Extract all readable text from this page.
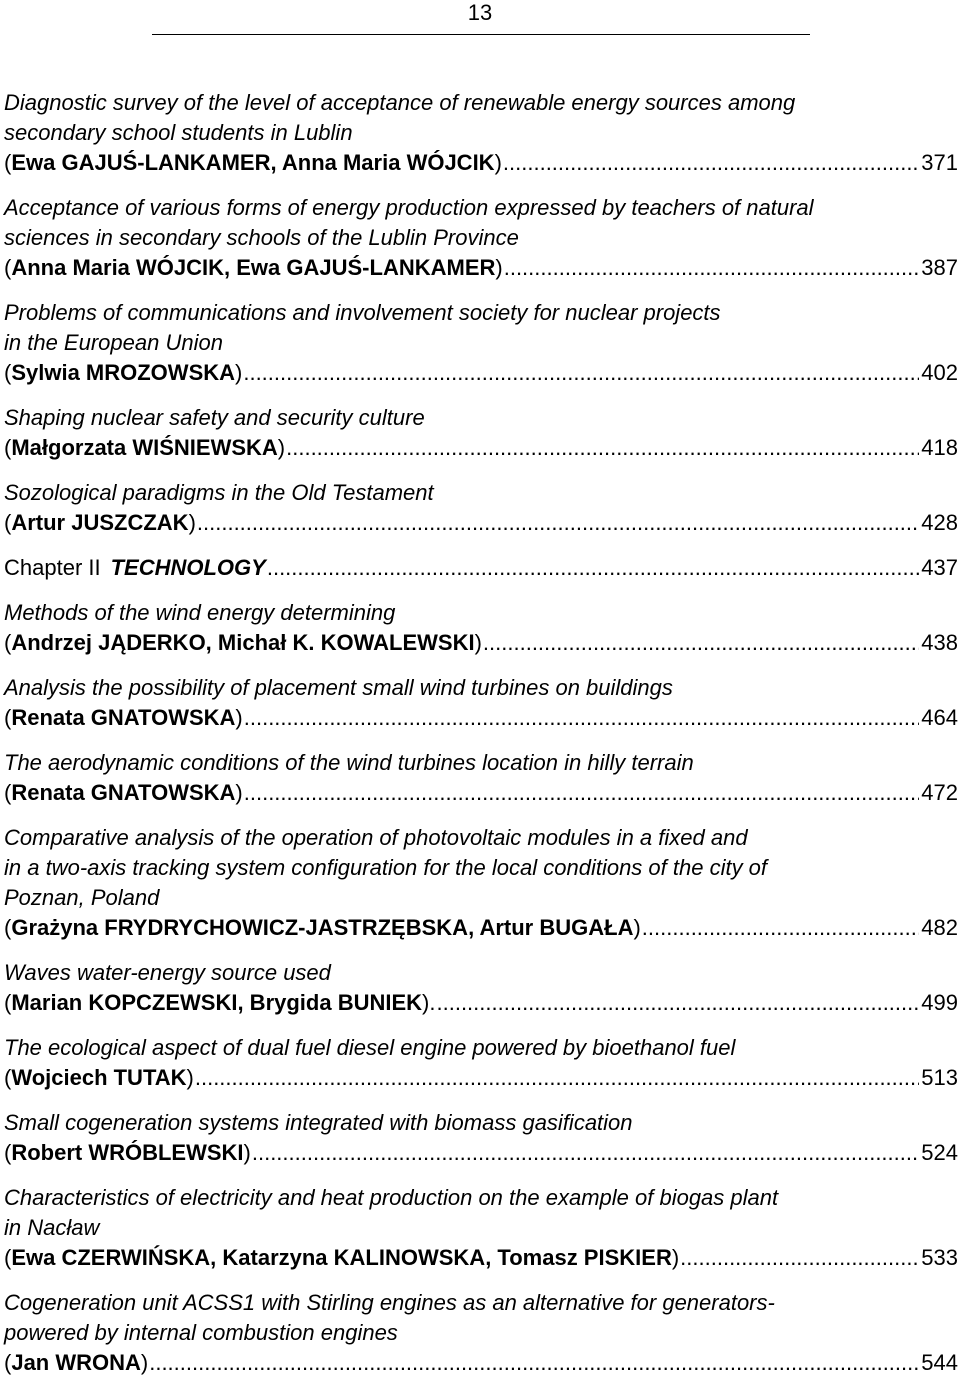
13
Diagnostic survey of the level of acceptance of renewable energy sources among
secondary school students in Lublin
(Ewa GAJUŚ-LANKAMER, Anna Maria WÓJCIK) .....	371
Acceptance of various forms of energy production expressed by teachers of natural
sciences in secondary schools of the Lublin Province
(Anna Maria WÓJCIK, Ewa GAJUŚ-LANKAMER) .....	387
Problems of communications and involvement society for nuclear projects
in the European Union
(Sylwia MROZOWSKA) .....	402
Shaping nuclear safety and security culture
(Małgorzata WIŚNIEWSKA) .....	418
Sozological paradigms in the Old Testament
(Artur JUSZCZAK) .....	428
Chapter II TECHNOLOGY .....	437
Methods of the wind energy determining
(Andrzej JĄDERKO, Michał K. KOWALEWSKI) .....	438
Analysis the possibility of placement small wind turbines on buildings
(Renata GNATOWSKA) .....	464
The aerodynamic conditions of the wind turbines location in hilly terrain
(Renata GNATOWSKA) .....	472
Comparative analysis of the operation of photovoltaic modules in a fixed and
in a two-axis tracking system configuration for the local conditions of the city of
Poznan, Poland
(Grażyna FRYDRYCHOWICZ-JASTRZĘBSKA, Artur BUGAŁA) .....	482
Waves water-energy source used
(Marian KOPCZEWSKI, Brygida BUNIEK). .....	499
The ecological aspect of dual fuel diesel engine powered by bioethanol fuel
(Wojciech TUTAK) .....	513
Small cogeneration systems integrated with biomass gasification
(Robert WRÓBLEWSKI) .....	524
Characteristics of electricity and heat production on the example of biogas plant
in Nacław
(Ewa CZERWIŃSKA, Katarzyna KALINOWSKA, Tomasz PISKIER) .....	533
Cogeneration unit ACSS1 with Stirling engines as an alternative for generators-
powered by internal combustion engines
(Jan WRONA) .....	544
